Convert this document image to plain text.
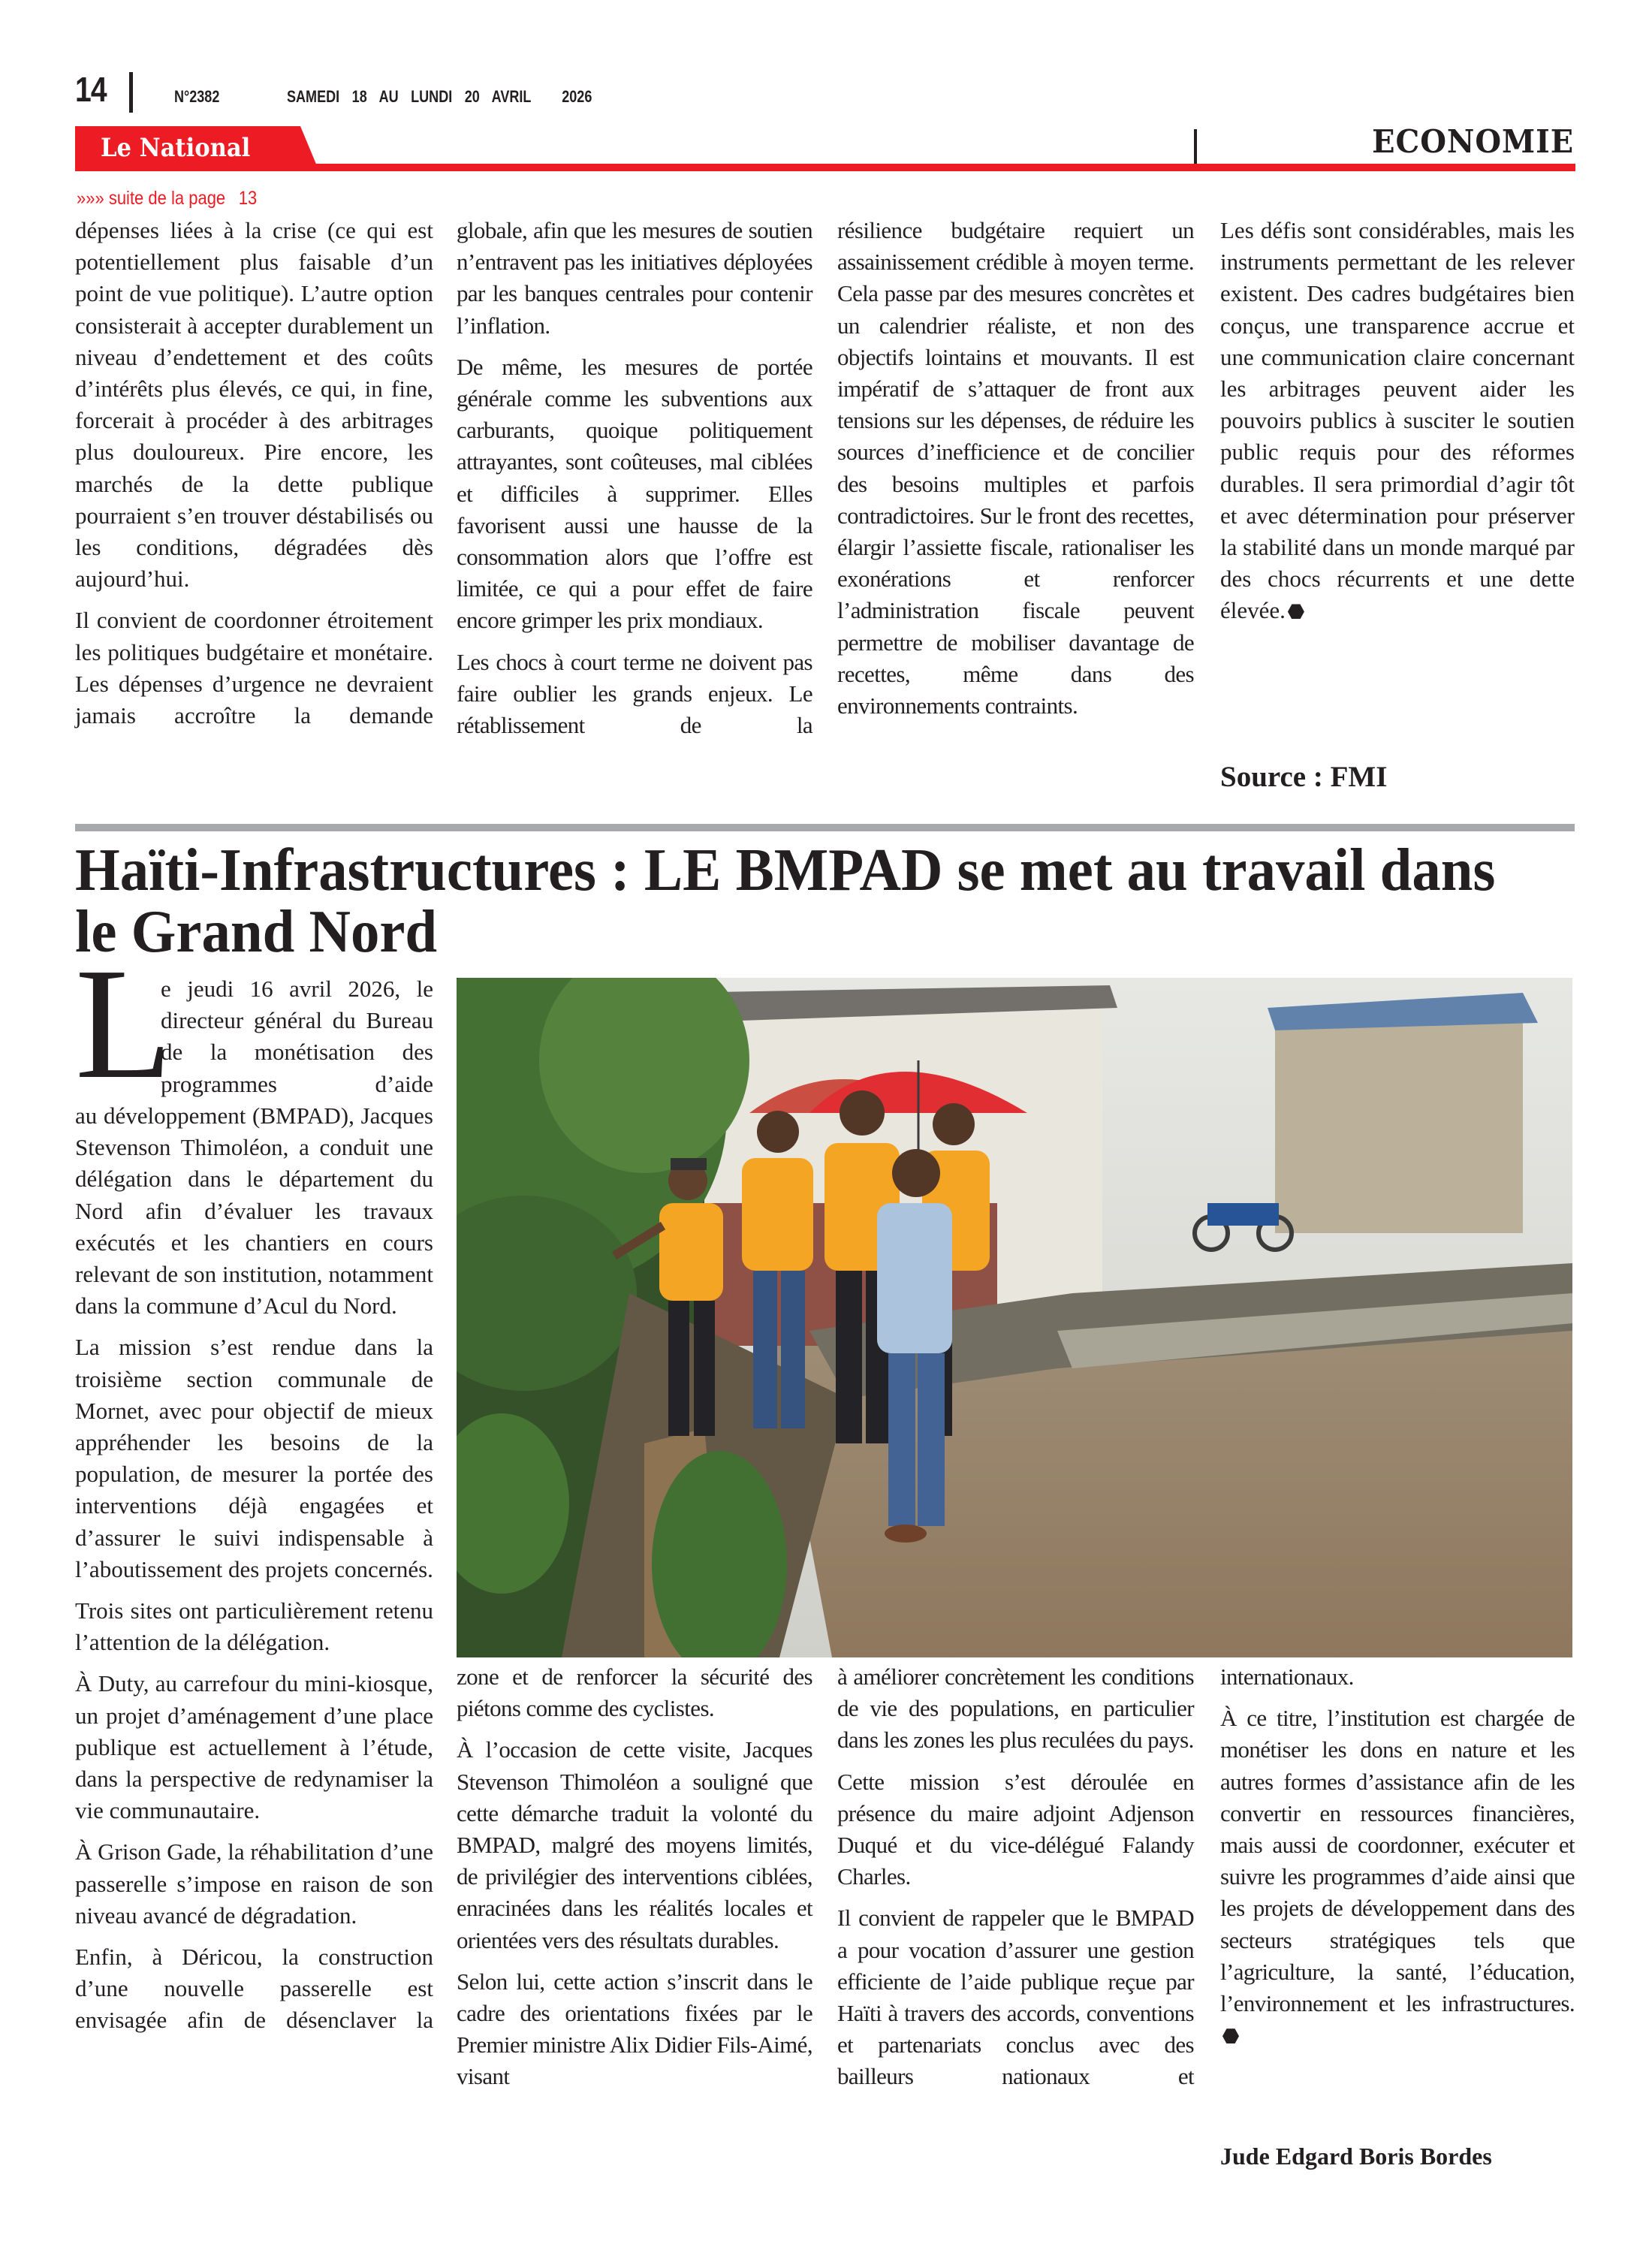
14	N°2382	SAMEDI 18 AU LUNDI 20 AVRIL 2026
Le National	ECONOMIE
»»» suite de la page 13

dépenses liées à la crise (ce qui est potentiellement plus faisable d’un point de vue politique). L’autre option consisterait à accepter durablement un niveau d’endettement et des coûts d’intérêts plus élevés, ce qui, in fine, forcerait à procéder à des arbitrages plus douloureux. Pire encore, les marchés de la dette publique pourraient s’en trouver déstabilisés ou les conditions, dégradées dès aujourd’hui.

Il convient de coordonner étroitement les politiques budgétaire et monétaire. Les dépenses d’urgence ne devraient jamais accroître la demande

globale, afin que les mesures de soutien n’entravent pas les initiatives déployées par les banques centrales pour contenir l’inflation.

De même, les mesures de portée générale comme les subventions aux carburants, quoique politiquement attrayantes, sont coûteuses, mal ciblées et difficiles à supprimer. Elles favorisent aussi une hausse de la consommation alors que l’offre est limitée, ce qui a pour effet de faire encore grimper les prix mondiaux.

Les chocs à court terme ne doivent pas faire oublier les grands enjeux. Le rétablissement de la

résilience budgétaire requiert un assainissement crédible à moyen terme. Cela passe par des mesures concrètes et un calendrier réaliste, et non des objectifs lointains et mouvants. Il est impératif de s’attaquer de front aux tensions sur les dépenses, de réduire les sources d’inefficience et de concilier des besoins multiples et parfois contradictoires. Sur le front des recettes, élargir l’assiette fiscale, rationaliser les exonérations et renforcer l’administration fiscale peuvent permettre de mobiliser davantage de recettes, même dans des environnements contraints.

Les défis sont considérables, mais les instruments permettant de les relever existent. Des cadres budgétaires bien conçus, une transparence accrue et une communication claire concernant les arbitrages peuvent aider les pouvoirs publics à susciter le soutien public requis pour des réformes durables. Il sera primordial d’agir tôt et avec détermination pour préserver la stabilité dans un monde marqué par des chocs récurrents et une dette élevée.

Source : FMI
Haïti-Infrastructures : LE BMPAD se met au travail dans le Grand Nord
L

e jeudi 16 avril 2026, le directeur général du Bureau de la monétisation des programmes d’aide

au développement (BMPAD), Jacques Stevenson Thimoléon, a conduit une délégation dans le département du Nord afin d’évaluer les travaux exécutés et les chantiers en cours relevant de son institution, notamment dans la commune d’Acul du Nord.

La mission s’est rendue dans la troisième section communale de Mornet, avec pour objectif de mieux appréhender les besoins de la population, de mesurer la portée des interventions déjà engagées et d’assurer le suivi indispensable à l’aboutissement des projets concernés.

Trois sites ont particulièrement retenu l’attention de la délégation.

À Duty, au carrefour du mini-kiosque, un projet d’aménagement d’une place publique est actuellement à l’étude, dans la perspective de redynamiser la vie communautaire.

À Grison Gade, la réhabilitation d’une passerelle s’impose en raison de son niveau avancé de dégradation.

Enfin, à Déricou, la construction d’une nouvelle passerelle est envisagée afin de désenclaver la

zone et de renforcer la sécurité des piétons comme des cyclistes.

À l’occasion de cette visite, Jacques Stevenson Thimoléon a souligné que cette démarche traduit la volonté du BMPAD, malgré des moyens limités, de privilégier des interventions ciblées, enracinées dans les réalités locales et orientées vers des résultats durables.

Selon lui, cette action s’inscrit dans le cadre des orientations fixées par le Premier ministre Alix Didier Fils-Aimé, visant

à améliorer concrètement les conditions de vie des populations, en particulier dans les zones les plus reculées du pays.

Cette mission s’est déroulée en présence du maire adjoint Adjenson Duqué et du vice-délégué Falandy Charles.

Il convient de rappeler que le BMPAD a pour vocation d’assurer une gestion efficiente de l’aide publique reçue par Haïti à travers des accords, conventions et partenariats conclus avec des bailleurs nationaux et

internationaux.

À ce titre, l’institution est chargée de monétiser les dons en nature et les autres formes d’assistance afin de les convertir en ressources financières, mais aussi de coordonner, exécuter et suivre les programmes d’aide ainsi que les projets de développement dans des secteurs stratégiques tels que l’agriculture, la santé, l’éducation, l’environnement et les infrastructures.

Jude Edgard Boris Bordes
